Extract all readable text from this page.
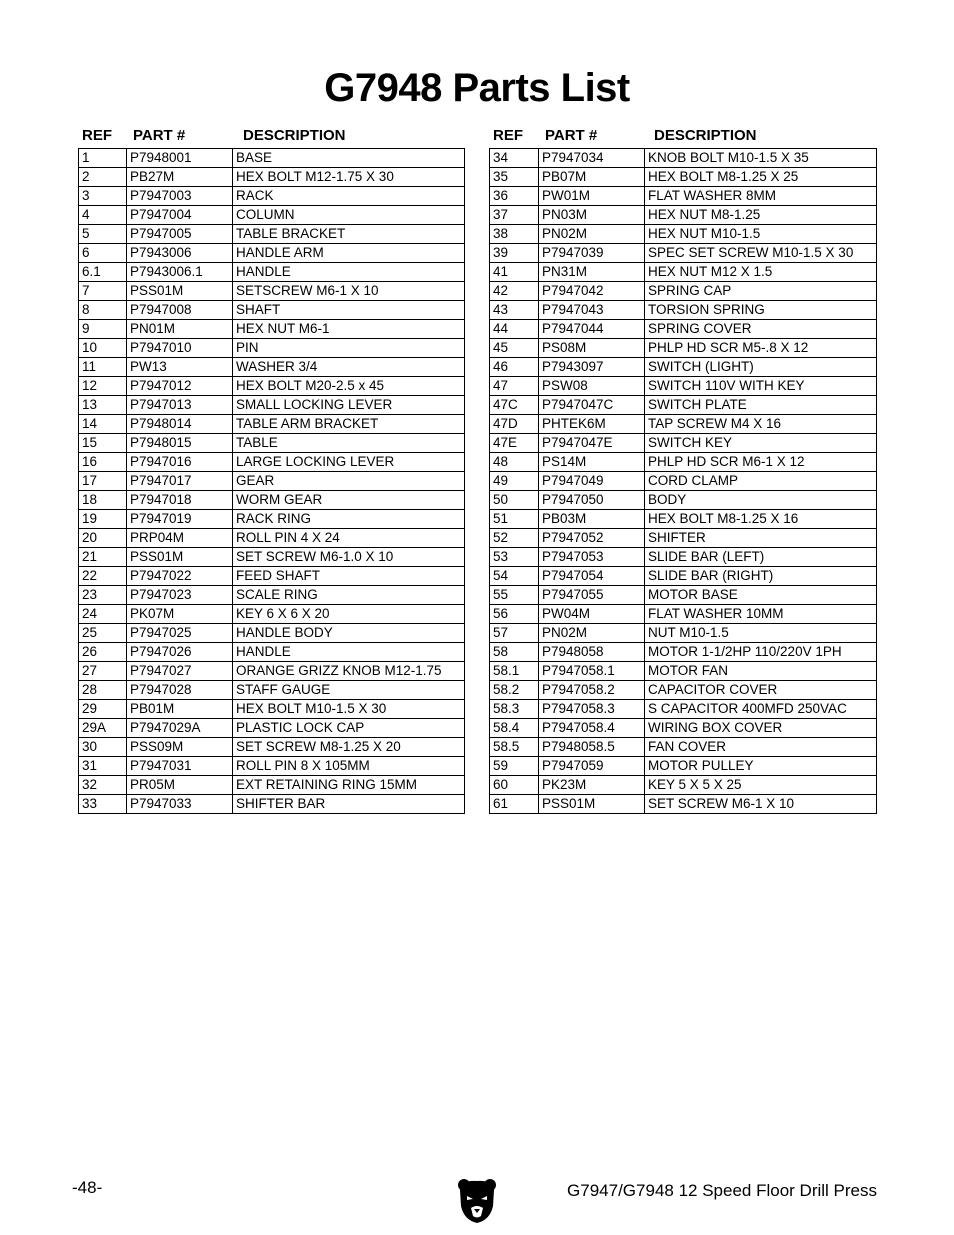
G7948 Parts List
REF PART #	DESCRIPTION
1	P7948001	BASE
2	PB27M	HEX BOLT M12-1.75 X 30
3	P7947003	RACK
4	P7947004	COLUMN
5	P7947005	TABLE BRACKET
6	P7943006	HANDLE ARM
6.1	P7943006.1	HANDLE
7	PSS01M	SETSCREW M6-1 X 10
8	P7947008	SHAFT
9	PN01M	HEX NUT M6-1
10	P7947010	PIN
11	PW13	WASHER 3/4
12	P7947012	HEX BOLT M20-2.5 x 45
13	P7947013	SMALL LOCKING LEVER
14	P7948014	TABLE ARM BRACKET
15	P7948015	TABLE
16	P7947016	LARGE LOCKING LEVER
17	P7947017	GEAR
18	P7947018	WORM GEAR
19	P7947019	RACK RING
20	PRP04M	ROLL PIN 4 X 24
21	PSS01M	SET SCREW M6-1.0 X 10
22	P7947022	FEED SHAFT
23	P7947023	SCALE RING
24	PK07M	KEY 6 X 6 X 20
25	P7947025	HANDLE BODY
26	P7947026	HANDLE
27	P7947027	ORANGE GRIZZ KNOB M12-1.75
28	P7947028	STAFF GAUGE
29	PB01M	HEX BOLT M10-1.5 X 30
29A	P7947029A	PLASTIC LOCK CAP
30	PSS09M	SET SCREW M8-1.25 X 20
31	P7947031	ROLL PIN 8 X 105MM
32	PR05M	EXT RETAINING RING 15MM
33	P7947033	SHIFTER BAR
REF PART #	DESCRIPTION
34	P7947034	KNOB BOLT M10-1.5 X 35
35	PB07M	HEX BOLT M8-1.25 X 25
36	PW01M	FLAT WASHER 8MM
37	PN03M	HEX NUT M8-1.25
38	PN02M	HEX NUT M10-1.5
39	P7947039	SPEC SET SCREW M10-1.5 X 30
41	PN31M	HEX NUT M12 X 1.5
42	P7947042	SPRING CAP
43	P7947043	TORSION SPRING
44	P7947044	SPRING COVER
45	PS08M	PHLP HD SCR M5-.8 X 12
46	P7943097	SWITCH (LIGHT)
47	PSW08	SWITCH 110V WITH KEY
47C	P7947047C	SWITCH PLATE
47D	PHTEK6M	TAP SCREW M4 X 16
47E	P7947047E	SWITCH KEY
48	PS14M	PHLP HD SCR M6-1 X 12
49	P7947049	CORD CLAMP
50	P7947050	BODY
51	PB03M	HEX BOLT M8-1.25 X 16
52	P7947052	SHIFTER
53	P7947053	SLIDE BAR (LEFT)
54	P7947054	SLIDE BAR (RIGHT)
55	P7947055	MOTOR BASE
56	PW04M	FLAT WASHER 10MM
57	PN02M	NUT M10-1.5
58	P7948058	MOTOR 1-1/2HP 110/220V 1PH
58.1	P7947058.1	MOTOR FAN
58.2	P7947058.2	CAPACITOR COVER
58.3	P7947058.3	S CAPACITOR 400MFD 250VAC
58.4	P7947058.4	WIRING BOX COVER
58.5	P7948058.5	FAN COVER
59	P7947059	MOTOR PULLEY
60	PK23M	KEY 5 X 5 X 25
61	PSS01M	SET SCREW M6-1 X 10
-48-	G7947/G7948 12 Speed Floor Drill Press
